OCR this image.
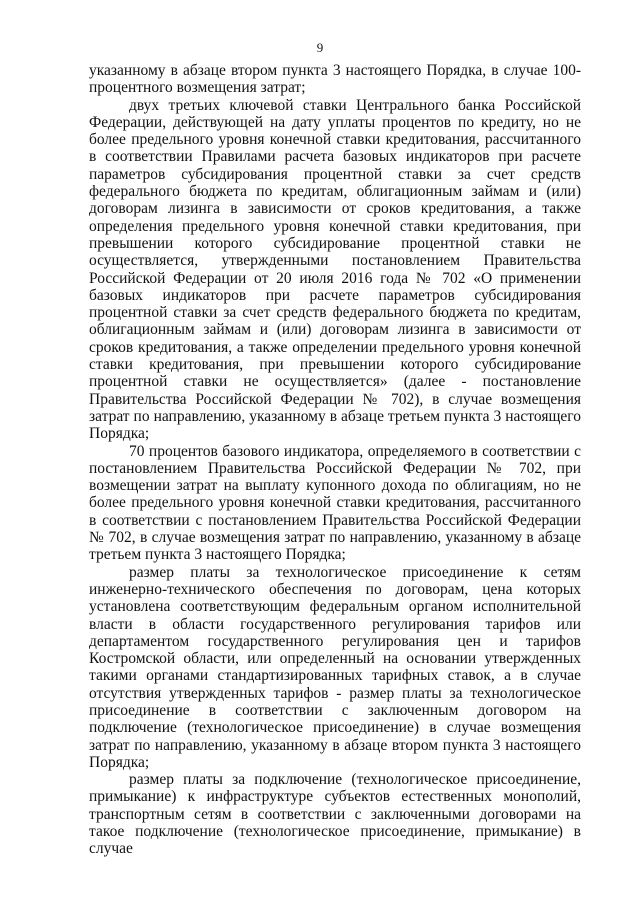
9

указанному в абзаце втором пункта 3 настоящего Порядка, в случае 100-процентного возмещения затрат;

двух третьих ключевой ставки Центрального банка Российской Федерации, действующей на дату уплаты процентов по кредиту, но не более предельного уровня конечной ставки кредитования, рассчитанного в соответствии Правилами расчета базовых индикаторов при расчете параметров субсидирования процентной ставки за счет средств федерального бюджета по кредитам, облигационным займам и (или) договорам лизинга в зависимости от сроков кредитования, а также определения предельного уровня конечной ставки кредитования, при превышении которого субсидирование процентной ставки не осуществляется, утвержденными постановлением Правительства Российской Федерации от 20 июля 2016 года № 702 «О применении базовых индикаторов при расчете параметров субсидирования процентной ставки за счет средств федерального бюджета по кредитам, облигационным займам и (или) договорам лизинга в зависимости от сроков кредитования, а также определении предельного уровня конечной ставки кредитования, при превышении которого субсидирование процентной ставки не осуществляется» (далее - постановление Правительства Российской Федерации № 702), в случае возмещения затрат по направлению, указанному в абзаце третьем пункта 3 настоящего Порядка;

70 процентов базового индикатора, определяемого в соответствии с постановлением Правительства Российской Федерации № 702, при возмещении затрат на выплату купонного дохода по облигациям, но не более предельного уровня конечной ставки кредитования, рассчитанного в соответствии с постановлением Правительства Российской Федерации № 702, в случае возмещения затрат по направлению, указанному в абзаце третьем пункта 3 настоящего Порядка;

размер платы за технологическое присоединение к сетям инженерно-технического обеспечения по договорам, цена которых установлена соответствующим федеральным органом исполнительной власти в области государственного регулирования тарифов или департаментом государственного регулирования цен и тарифов Костромской области, или определенный на основании утвержденных такими органами стандартизированных тарифных ставок, а в случае отсутствия утвержденных тарифов - размер платы за технологическое присоединение в соответствии с заключенным договором на подключение (технологическое присоединение) в случае возмещения затрат по направлению, указанному в абзаце втором пункта 3 настоящего Порядка;

размер платы за подключение (технологическое присоединение, примыкание) к инфраструктуре субъектов естественных монополий, транспортным сетям в соответствии с заключенными договорами на такое подключение (технологическое присоединение, примыкание) в случае
